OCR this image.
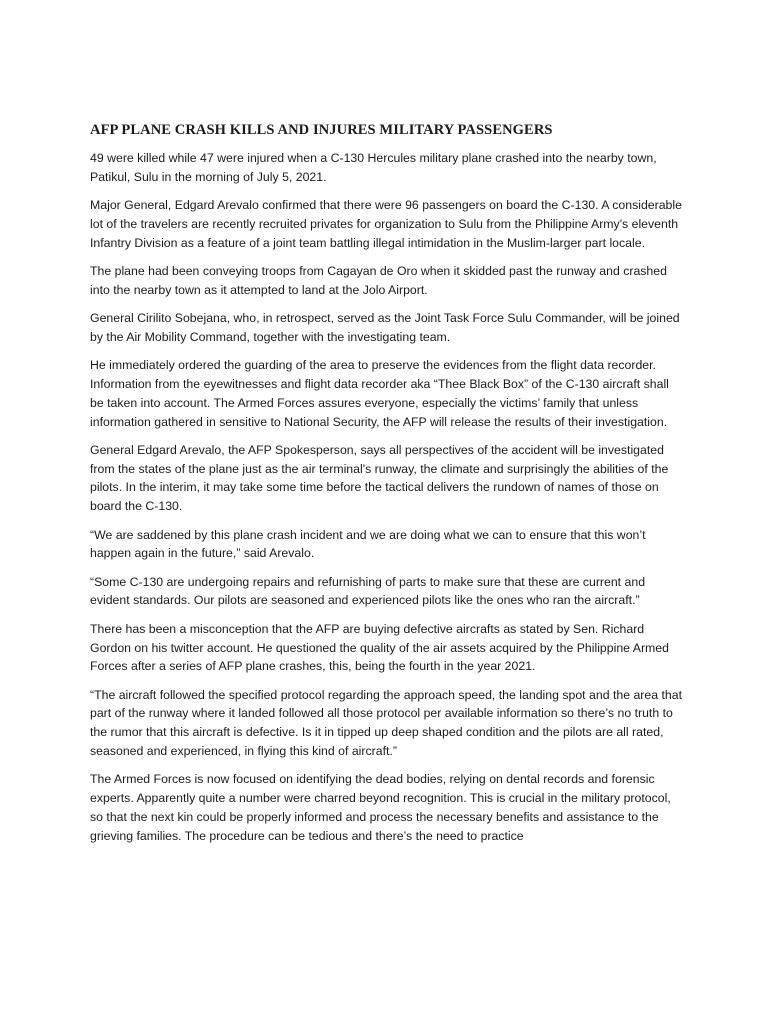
AFP PLANE CRASH KILLS AND INJURES MILITARY PASSENGERS

49 were killed while 47 were injured when a C-130 Hercules military plane crashed into the nearby town, Patikul, Sulu in the morning of July 5, 2021.

Major General, Edgard Arevalo confirmed that there were 96 passengers on board the C-130. A considerable lot of the travelers are recently recruited privates for organization to Sulu from the Philippine Army's eleventh Infantry Division as a feature of a joint team battling illegal intimidation in the Muslim-larger part locale.

The plane had been conveying troops from Cagayan de Oro when it skidded past the runway and crashed into the nearby town as it attempted to land at the Jolo Airport.

General Cirilito Sobejana, who, in retrospect, served as the Joint Task Force Sulu Commander, will be joined by the Air Mobility Command, together with the investigating team.

He immediately ordered the guarding of the area to preserve the evidences from the flight data recorder. Information from the eyewitnesses and flight data recorder aka “Thee Black Box” of the C-130 aircraft shall be taken into account. The Armed Forces assures everyone, especially the victims’ family that unless information gathered in sensitive to National Security, the AFP will release the results of their investigation.

General Edgard Arevalo, the AFP Spokesperson, says all perspectives of the accident will be investigated from the states of the plane just as the air terminal's runway, the climate and surprisingly the abilities of the pilots. In the interim, it may take some time before the tactical delivers the rundown of names of those on board the C-130.

“We are saddened by this plane crash incident and we are doing what we can to ensure that this won’t happen again in the future,” said Arevalo.

“Some C-130 are undergoing repairs and refurnishing of parts to make sure that these are current and evident standards. Our pilots are seasoned and experienced pilots like the ones who ran the aircraft.”

There has been a misconception that the AFP are buying defective aircrafts as stated by Sen. Richard Gordon on his twitter account. He questioned the quality of the air assets acquired by the Philippine Armed Forces after a series of AFP plane crashes, this, being the fourth in the year 2021.

“The aircraft followed the specified protocol regarding the approach speed, the landing spot and the area that part of the runway where it landed followed all those protocol per available information so there’s no truth to the rumor that this aircraft is defective. Is it in tipped up deep shaped condition and the pilots are all rated, seasoned and experienced, in flying this kind of aircraft.”

The Armed Forces is now focused on identifying the dead bodies, relying on dental records and forensic experts. Apparently quite a number were charred beyond recognition. This is crucial in the military protocol, so that the next kin could be properly informed and process the necessary benefits and assistance to the grieving families. The procedure can be tedious and there’s the need to practice
